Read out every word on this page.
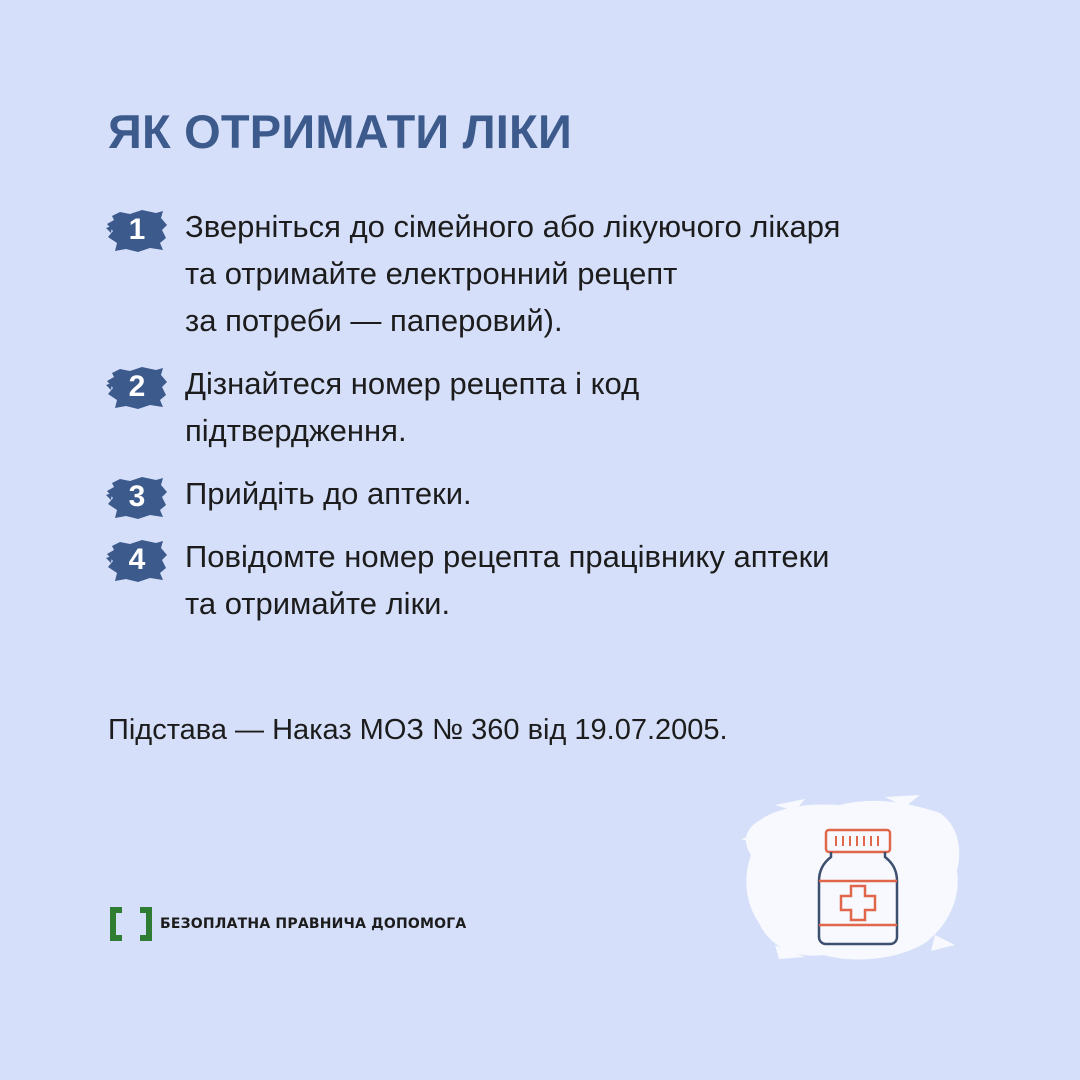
ЯК ОТРИМАТИ ЛІКИ
1	Зверніться до сімейного або лікуючого лікаря
та отримайте електронний рецепт
за потреби — паперовий).

2	Дізнайтеся номер рецепта і код
підтвердження.

3	Прийдіть до аптеки.

4	Повідомте номер рецепта працівнику аптеки
та отримайте ліки.

Підстава — Наказ МОЗ № 360 від 19.07.2005.

БЕЗОПЛАТНА ПРАВНИЧА ДОПОМОГА
